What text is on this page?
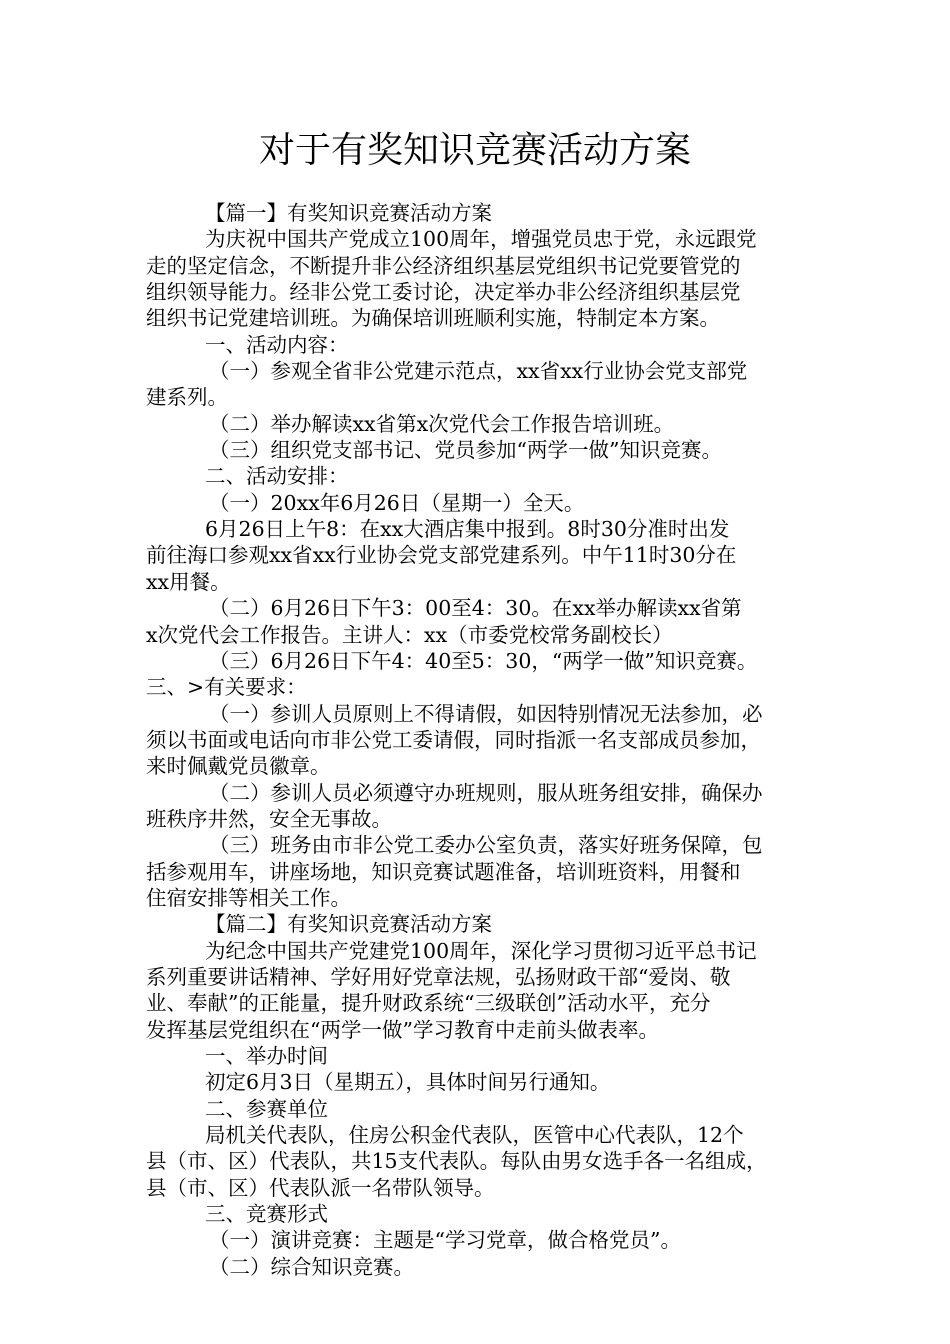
对于有奖知识竞赛活动方案
【篇一】有奖知识竞赛活动方案
为庆祝中国共产党成立100周年，增强党员忠于党，永远跟党
走的坚定信念，不断提升非公经济组织基层党组织书记党要管党的
组织领导能力。经非公党工委讨论，决定举办非公经济组织基层党
组织书记党建培训班。为确保培训班顺利实施，特制定本方案。
一、活动内容：
（一）参观全省非公党建示范点，xx省xx行业协会党支部党
建系列。
（二）举办解读xx省第x次党代会工作报告培训班。
（三）组织党支部书记、党员参加“两学一做”知识竞赛。
二、活动安排：
（一）20xx年6月26日（星期一）全天。
6月26日上午8：在xx大酒店集中报到。8时30分准时出发
前往海口参观xx省xx行业协会党支部党建系列。中午11时30分在
xx用餐。
（二）6月26日下午3：00至4：30。在xx举办解读xx省第
x次党代会工作报告。主讲人：xx（市委党校常务副校长）
（三）6月26日下午4：40至5：30，“两学一做”知识竞赛。
三、>有关要求：
（一）参训人员原则上不得请假，如因特别情况无法参加，必
须以书面或电话向市非公党工委请假，同时指派一名支部成员参加，
来时佩戴党员徽章。
（二）参训人员必须遵守办班规则，服从班务组安排，确保办
班秩序井然，安全无事故。
（三）班务由市非公党工委办公室负责，落实好班务保障，包
括参观用车，讲座场地，知识竞赛试题准备，培训班资料，用餐和
住宿安排等相关工作。
【篇二】有奖知识竞赛活动方案
为纪念中国共产党建党100周年，深化学习贯彻习近平总书记
系列重要讲话精神、学好用好党章法规，弘扬财政干部“爱岗、敬
业、奉献”的正能量，提升财政系统“三级联创”活动水平，充分
发挥基层党组织在“两学一做”学习教育中走前头做表率。
一、举办时间
初定6月3日（星期五），具体时间另行通知。
二、参赛单位
局机关代表队，住房公积金代表队，医管中心代表队，12个
县（市、区）代表队，共15支代表队。每队由男女选手各一名组成，
县（市、区）代表队派一名带队领导。
三、竞赛形式
（一）演讲竞赛：主题是“学习党章，做合格党员”。
（二）综合知识竞赛。
